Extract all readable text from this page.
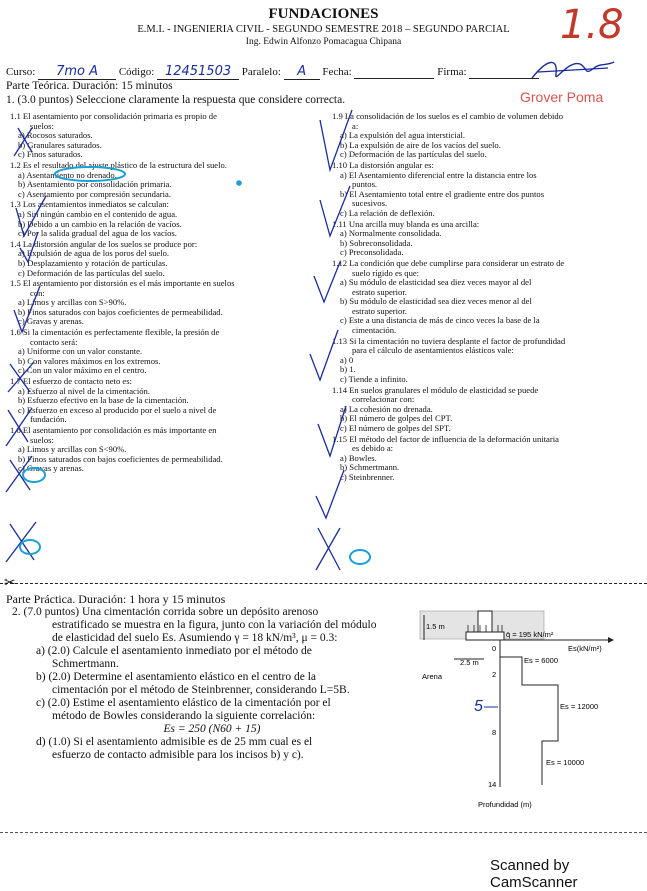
FUNDACIONES
E.M.I. - INGENIERIA CIVIL - SEGUNDO SEMESTRE 2018 – SEGUNDO PARCIAL
Ing. Edwin Alfonzo Pomacagua Chipana	1.8
Curso: 7mo A Código: 12451503 Paralelo: A Fecha:	Firma:
Grover Poma
Parte Teórica. Duración: 15 minutos
1. (3.0 puntos) Seleccione claramente la respuesta que considere correcta.
1.1 El asentamiento por consolidación primaria es propio de
suelos:
a) Rocosos saturados.
b) Granulares saturados.
c) Finos saturados.
1.2 Es el resultado del ajuste plástico de la estructura del suelo.
a) Asentamiento no drenado.
b) Asentamiento por consolidación primaria.
c) Asentamiento por compresión secundaria.
1.3 Los asentamientos inmediatos se calculan:
a) Sin ningún cambio en el contenido de agua.
b) Debido a un cambio en la relación de vacíos.
c) Por la salida gradual del agua de los vacíos.
1.4 La distorsión angular de los suelos se produce por:
a) Expulsión de agua de los poros del suelo.
b) Desplazamiento y rotación de partículas.
c) Deformación de las partículas del suelo.
1.5 El asentamiento por distorsión es el más importante en suelos
con:
a) Limos y arcillas con S>90%.
b) Finos saturados con bajos coeficientes de permeabilidad.
c) Gravas y arenas.
1.6 Si la cimentación es perfectamente flexible, la presión de
contacto será:
a) Uniforme con un valor constante.
b) Con valores máximos en los extremos.
c) Con un valor máximo en el centro.
1.7 El esfuerzo de contacto neto es:
a) Esfuerzo al nivel de la cimentación.
b) Esfuerzo efectivo en la base de la cimentación.
c) Esfuerzo en exceso al producido por el suelo a nivel de
fundación.
1.8 El asentamiento por consolidación es más importante en
suelos:
a) Limos y arcillas con S<90%.
b) Finos saturados con bajos coeficientes de permeabilidad.
c) Gravas y arenas.
1.9 La consolidación de los suelos es el cambio de volumen debido
a:
a) La expulsión del agua intersticial.
b) La expulsión de aire de los vacíos del suelo.
c) Deformación de las partículas del suelo.
1.10 La distorsión angular es:
a) El Asentamiento diferencial entre la distancia entre los
puntos.
b) El Asentamiento total entre el gradiente entre dos puntos
sucesivos.
c) La relación de deflexión.
1.11 Una arcilla muy blanda es una arcilla:
a) Normalmente consolidada.
b) Sobreconsolidada.
c) Preconsolidada.
1.12 La condición que debe cumplirse para considerar un estrato de
suelo rígido es que:
a) Su módulo de elasticidad sea diez veces mayor al del
estrato superior.
b) Su módulo de elasticidad sea diez veces menor al del
estrato superior.
c) Este a una distancia de más de cinco veces la base de la
cimentación.
1.13 Si la cimentación no tuviera desplante el factor de profundidad
para el cálculo de asentamientos elásticos vale:
a) 0
b) 1.
c) Tiende a infinito.
1.14 En suelos granulares el módulo de elasticidad se puede
correlacionar con:
a) La cohesión no drenada.
b) El número de golpes del CPT.
c) El número de golpes del SPT.
1.15 El método del factor de influencia de la deformación unitaria
es debido a:
a) Bowles.
b) Schmertmann.
c) Steinbrenner.
✂
Parte Práctica. Duración: 1 hora y 15 minutos
2. (7.0 puntos) Una cimentación corrida sobre un depósito arenoso
estratificado se muestra en la figura, junto con la variación del módulo
de elasticidad del suelo Es. Asumiendo γ = 18 kN/m³, μ = 0.3:
a) (2.0) Calcule el asentamiento inmediato por el método de
Schmertmann.
b) (2.0) Determine el asentamiento elástico en el centro de la
cimentación por el método de Steinbrenner, considerando L=5B.
c) (2.0) Estime el asentamiento elástico de la cimentación por el
método de Bowles considerando la siguiente correlación:
Es = 250 (N60 + 15)
d) (1.0) Si el asentamiento admisible es de 25 mm cual es el
esfuerzo de contacto admisible para los incisos b) y c).
1.5 m
q̄ = 195 kN/m²
Es(kN/m²)
2.5 m
Arena
Es = 6000
Es = 12000
Es = 10000
0
2
8
14
Profundidad (m)
5
Scanned by CamScanner
